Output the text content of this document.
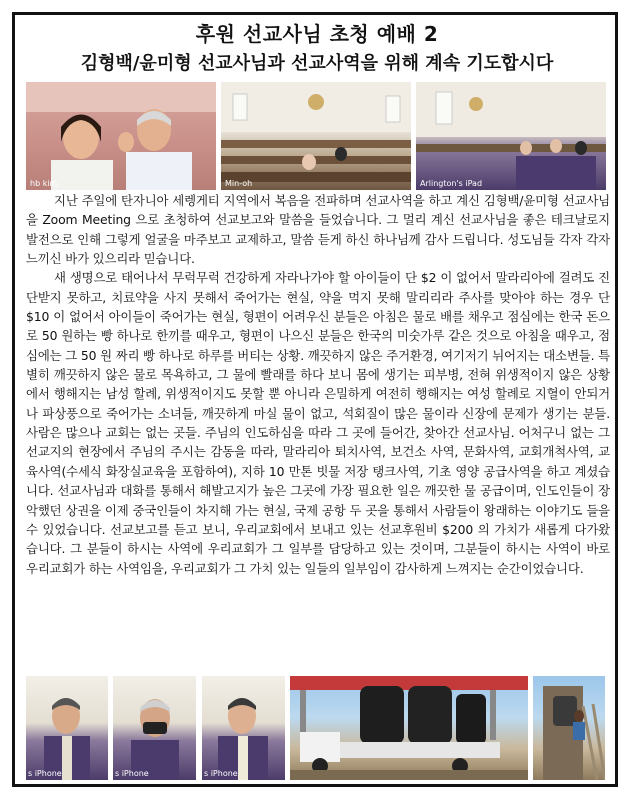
후원 선교사님 초청 예배 2
김형백/윤미형 선교사님과 선교사역을 위해 계속 기도합시다
hb kim	Min-oh	Arlington's iPad

지난 주일에 탄자니아 세렝게티 지역에서 복음을 전파하며 선교사역을 하고 계신 김형백/윤미형 선교사님을 Zoom Meeting 으로 초청하여 선교보고와 말씀을 들었습니다. 그 멀리 계신 선교사님을 좋은 테크날로지 발전으로 인해 그렇게 얼굴을 마주보고 교제하고, 말씀 듣게 하신 하나님께 감사 드립니다. 성도님들 각자 각자 느끼신 바가 있으리라 믿습니다.

새 생명으로 태어나서 무럭무럭 건강하게 자라나가야 할 아이들이 단 $2 이 없어서 말라리아에 걸려도 진단받지 못하고, 치료약을 사지 못해서 죽어가는 현실, 약을 먹지 못해 말리리라 주사를 맞아야 하는 경우 단 $10 이 없어서 아이들이 죽어가는 현실, 형편이 어려우신 분들은 아침은 물로 배를 채우고 점심에는 한국 돈으로 50 원하는 빵 하나로 한끼를 때우고, 형편이 나으신 분들은 한국의 미숫가루 같은 것으로 아침을 때우고, 점심에는 그 50 원 짜리 빵 하나로 하루를 버티는 상황. 깨끗하지 않은 주거환경, 여기저기 뉘어지는 대소변들. 특별히 깨끗하지 않은 물로 목욕하고, 그 물에 빨래를 하다 보니 몸에 생기는 피부병, 전혀 위생적이지 않은 상황에서 행해지는 남성 할례, 위생적이지도 못할 뿐 아니라 은밀하게 여전히 행해지는 여성 할례로 지혈이 안되거나 파상풍으로 죽어가는 소녀들, 깨끗하게 마실 물이 없고, 석회질이 많은 물이라 신장에 문제가 생기는 분들. 사람은 많으나 교회는 없는 곳들. 주님의 인도하심을 따라 그 곳에 들어간, 찾아간 선교사님. 어처구니 없는 그 선교지의 현장에서 주님의 주시는 감동을 따라, 말라리아 퇴치사역, 보건소 사역, 문화사역, 교회개척사역, 교육사역(수세식 화장실교육을 포함하여), 지하 10 만톤 빗물 저장 탱크사역, 기초 영양 공급사역을 하고 계셨습니다. 선교사님과 대화를 통해서 해발고지가 높은 그곳에 가장 필요한 일은 깨끗한 물 공급이며, 인도인들이 장악했던 상권을 이제 중국인들이 차지해 가는 현실, 국제 공항 두 곳을 통해서 사람들이 왕래하는 이야기도 들을 수 있었습니다. 선교보고를 듣고 보니, 우리교회에서 보내고 있는 선교후원비 $200 의 가치가 새롭게 다가왔습니다. 그 분들이 하시는 사역에 우리교회가 그 일부를 담당하고 있는 것이며, 그분들이 하시는 사역이 바로 우리교회가 하는 사역임을, 우리교회가 그 가치 있는 일들의 일부임이 감사하게 느껴지는 순간이었습니다.

s iPhone	s iPhone	s iPhone
